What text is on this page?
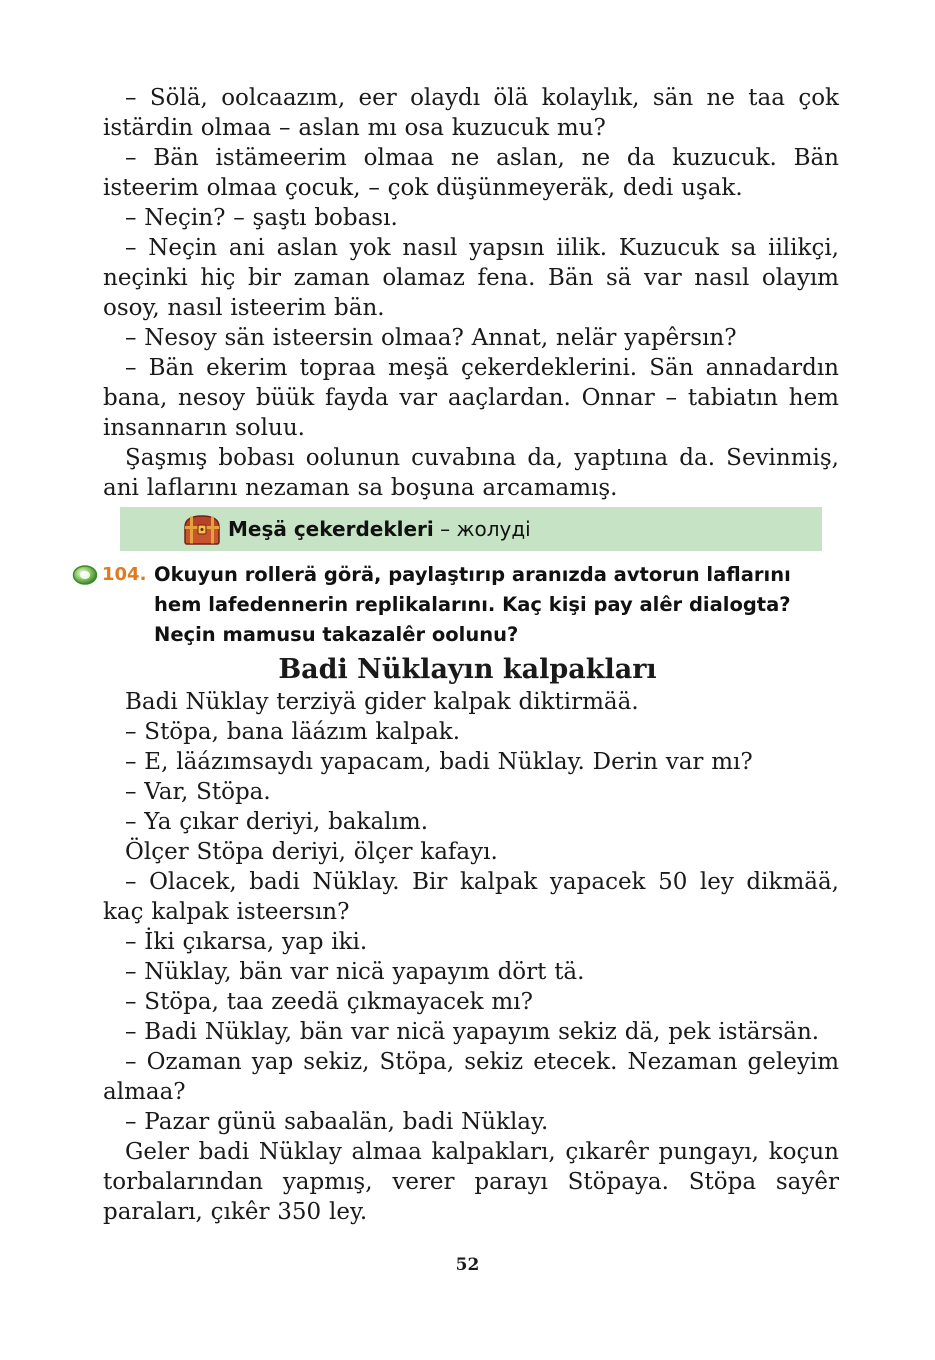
– Sölä, oolcaazım, eer olaydı ölä kolaylık, sän ne taa çok istärdin olmaa – aslan mı osa kuzucuk mu?

– Bän istämeerim olmaa ne aslan, ne da kuzucuk. Bän isteerim olmaa çocuk, – çok düşünmeyeräk, dedi uşak.

– Neçin? – şaştı bobası.

– Neçin ani aslan yok nasıl yapsın iilik. Kuzucuk sa iilikçi, neçinki hiç bir zaman olamaz fena. Bän sä var nasıl olayım osoy, nasıl isteerim bän.

– Nesoy sän isteersin olmaa? Annat, nelär yapêrsın?

– Bän ekerim topraa meşä çekerdeklerini. Sän annadardın bana, nesoy büük fayda var aaçlardan. Onnar – tabiatın hem insannarın soluu.

Şaşmış bobası oolunun cuvabına da, yaptıına da. Sevinmiş, ani laflarını nezaman sa boşuna arcamamış.

Meşä çekerdekleri – жолуді
104. Okuyun rollerä görä, paylaştırıp aranızda avtorun laflarını
hem lafedennerin replikalarını. Kaç kişi pay alêr dialogta?
Neçin mamusu takazalêr oolunu?
Badi Nüklayın kalpakları

Badi Nüklay terziyä gider kalpak diktirmää.

– Stöpa, bana läázım kalpak.

– E, läázımsaydı yapacam, badi Nüklay. Derin var mı?

– Var, Stöpa.

– Ya çıkar deriyi, bakalım.

Ölçer Stöpa deriyi, ölçer kafayı.

– Olacek, badi Nüklay. Bir kalpak yapacek 50 ley dikmää, kaç kalpak isteersın?

– İki çıkarsa, yap iki.

– Nüklay, bän var nicä yapayım dört tä.

– Stöpa, taa zeedä çıkmayacek mı?

– Badi Nüklay, bän var nicä yapayım sekiz dä, pek istärsän.

– Ozaman yap sekiz, Stöpa, sekiz etecek. Nezaman geleyim almaa?

– Pazar günü sabaalän, badi Nüklay.

Geler badi Nüklay almaa kalpakları, çıkarêr pungayı, koçun torbalarından yapmış, verer parayı Stöpaya. Stöpa sayêr paraları, çıkêr 350 ley.

52
